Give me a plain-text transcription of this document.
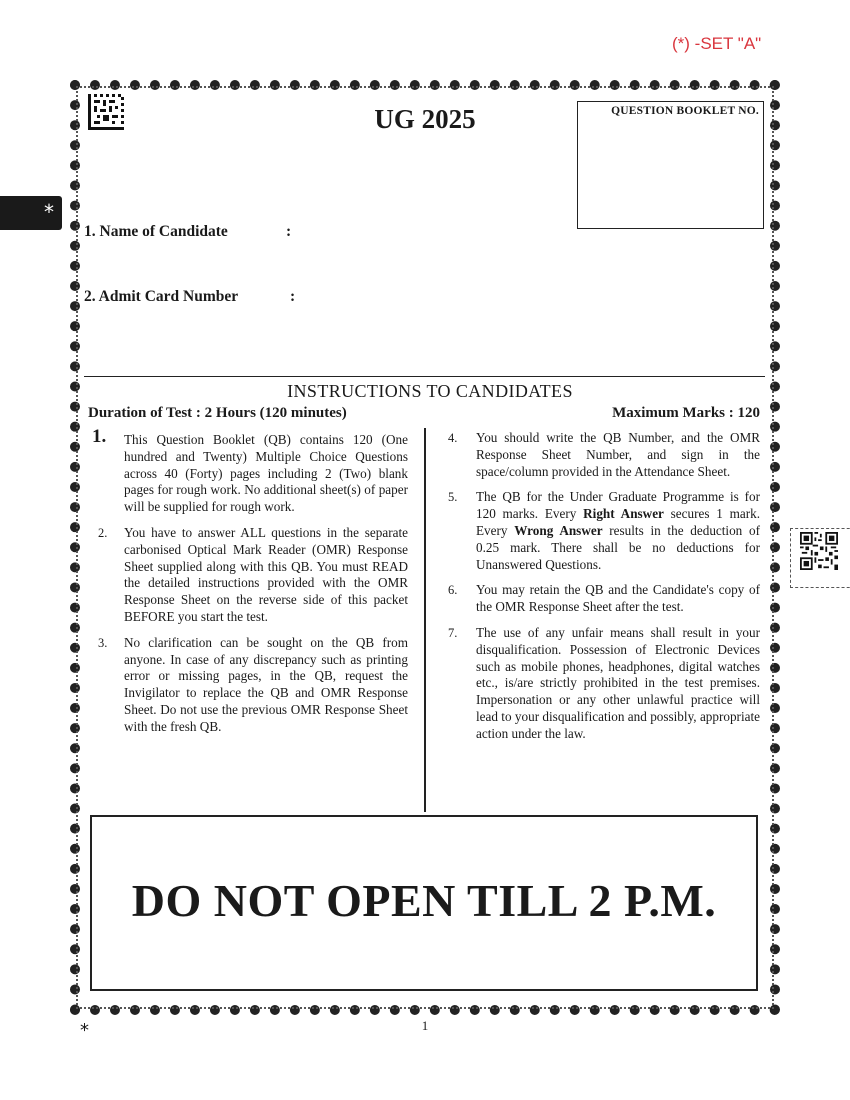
(*) -SET "A"
UG 2025	QUESTION BOOKLET NO.
*
1. Name of Candidate	:
2. Admit Card Number	:
INSTRUCTIONS TO CANDIDATES
Duration of Test : 2 Hours (120 minutes)	Maximum Marks : 120
1. This Question Booklet (QB) contains 120 (One hundred and Twenty) Multiple Choice Questions across 40 (Forty) pages including 2 (Two) blank pages for rough work. No additional sheet(s) of paper will be supplied for rough work.
2. You have to answer ALL questions in the separate carbonised Optical Mark Reader (OMR) Response Sheet supplied along with this QB. You must READ the detailed instructions provided with the OMR Response Sheet on the reverse side of this packet BEFORE you start the test.
3. No clarification can be sought on the QB from anyone. In case of any discrepancy such as printing error or missing pages, in the QB, request the Invigilator to replace the QB and OMR Response Sheet. Do not use the previous OMR Response Sheet with the fresh QB.
4. You should write the QB Number, and the OMR Response Sheet Number, and sign in the space/column provided in the Attendance Sheet.
5. The QB for the Under Graduate Programme is for 120 marks. Every Right Answer secures 1 mark. Every Wrong Answer results in the deduction of 0.25 mark. There shall be no deductions for Unanswered Questions.
6. You may retain the QB and the Candidate's copy of the OMR Response Sheet after the test.
7. The use of any unfair means shall result in your disqualification. Possession of Electronic Devices such as mobile phones, headphones, digital watches etc., is/are strictly prohibited in the test premises. Impersonation or any other unlawful practice will lead to your disqualification and possibly, appropriate action under the law.
DO NOT OPEN TILL 2 P.M.
1
*
